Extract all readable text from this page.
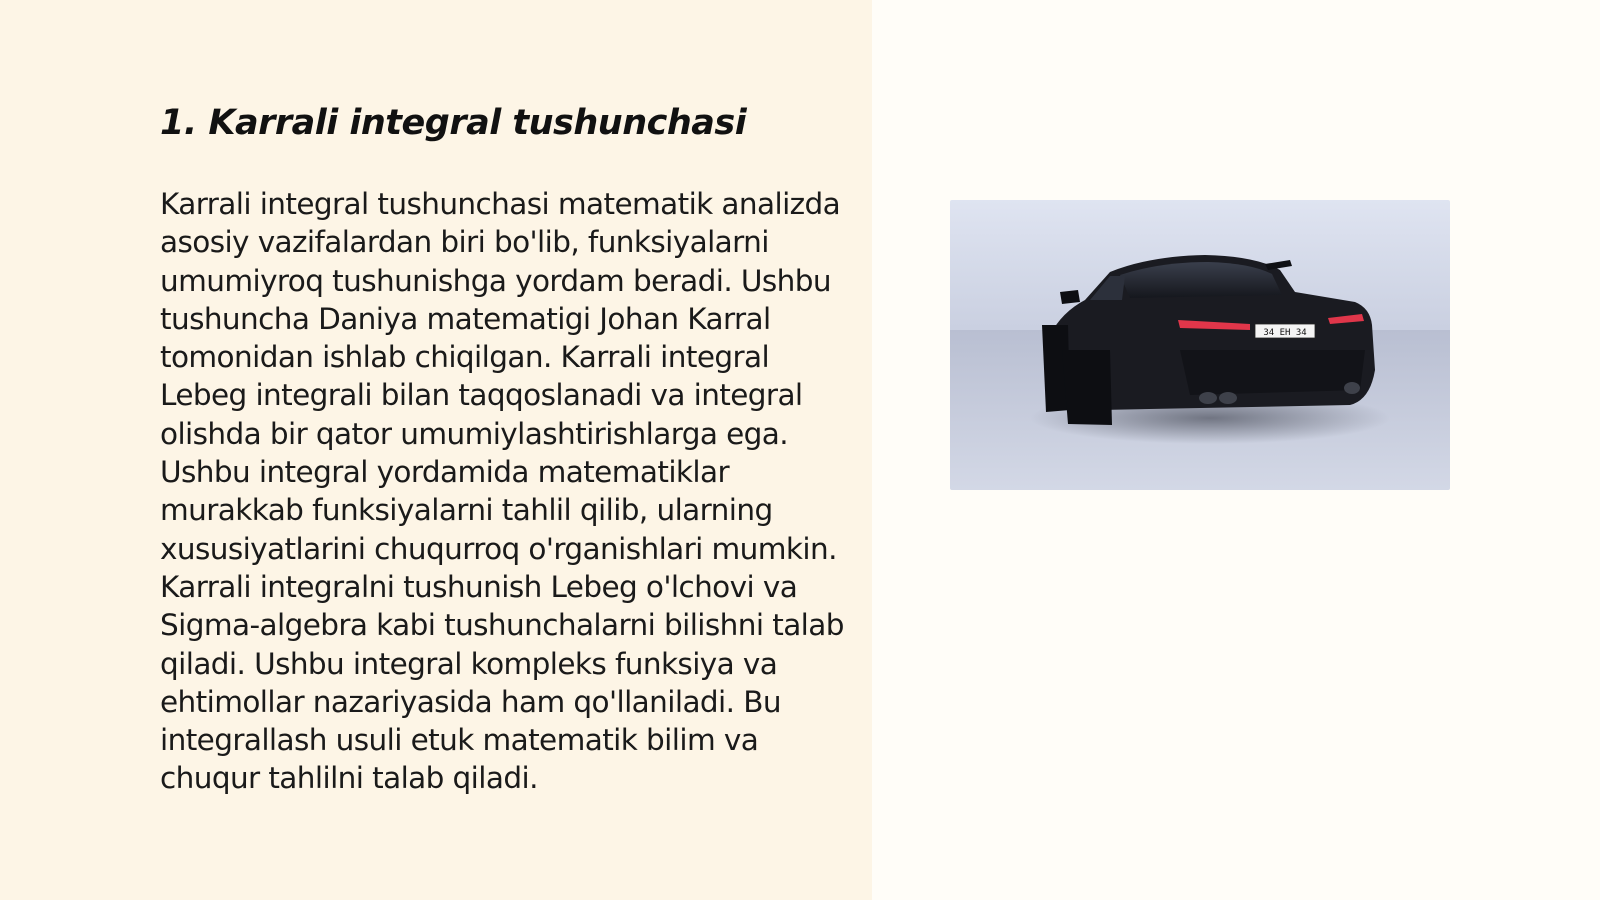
1. Karrali integral tushunchasi

Karrali integral tushunchasi matematik analizda asosiy vazifalardan biri bo'lib, funksiyalarni umumiyroq tushunishga yordam beradi. Ushbu tushuncha Daniya matematigi Johan Karral tomonidan ishlab chiqilgan. Karrali integral Lebeg integrali bilan taqqoslanadi va integral olishda bir qator umumiylashtirishlarga ega. Ushbu integral yordamida matematiklar murakkab funksiyalarni tahlil qilib, ularning xususiyatlarini chuqurroq o'rganishlari mumkin. Karrali integralni tushunish Lebeg o'lchovi va Sigma-algebra kabi tushunchalarni bilishni talab qiladi. Ushbu integral kompleks funksiya va ehtimollar nazariyasida ham qo'llaniladi. Bu integrallash usuli etuk matematik bilim va chuqur tahlilni talab qiladi.

34 EH 34
